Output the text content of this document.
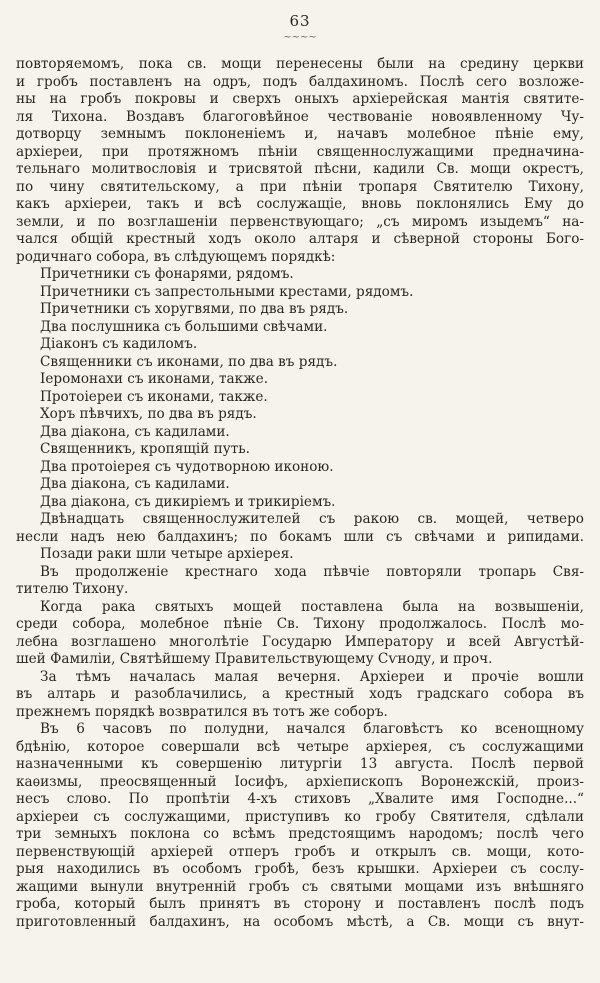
63
~~~~
повторяемомъ, пока св. мощи перенесены были на средину церкви
и гробъ поставленъ на одръ, подъ балдахиномъ. Послѣ сего возложе-
ны на гробъ покровы и сверхъ оныхъ архіерейская мантія святите-
ля Тихона. Воздавъ благоговѣйное чествованіе новоявленному Чу-
дотворцу земнымъ поклоненіемъ и, начавъ молебное пѣніе ему,
архіереи, при протяжномъ пѣніи священнослужащими предначина-
тельнаго молитвословія и трисвятой пѣсни, кадили Св. мощи окрестъ,
по чину святительскому, а при пѣніи тропаря Святителю Тихону,
какъ архіереи, такъ и всѣ сослужащіе, вновь поклонялись Ему до
земли, и по возглашеніи первенствующаго; „съ миромъ изыдемъ“ на-
чался общій крестный ходъ около алтаря и сѣверной стороны Бого-
родичнаго собора, въ слѣдующемъ порядкѣ:
Причетники съ фонарями, рядомъ.
Причетники съ запрестольными крестами, рядомъ.
Причетники съ хоругвями, по два въ рядъ.
Два послушника съ большими свѣчами.
Діаконъ съ кадиломъ.
Священники съ иконами, по два въ рядъ.
Іеромонахи съ иконами, также.
Протоіереи съ иконами, также.
Хоръ пѣвчихъ, по два въ рядъ.
Два діакона, съ кадилами.
Священникъ, кропящій путь.
Два протоіерея съ чудотворною иконою.
Два діакона, съ кадилами.
Два діакона, съ дикиріемъ и трикиріемъ.
Двѣнадцать священнослужителей съ ракою св. мощей, четверо
несли надъ нею балдахинъ; по бокамъ шли съ свѣчами и рипидами.
Позади раки шли четыре архіерея.
Въ продолженіе крестнаго хода пѣвчіе повторяли тропарь Свя-
тителю Тихону.
Когда рака святыхъ мощей поставлена была на возвышеніи,
среди собора, молебное пѣніе Св. Тихону продолжалось. Послѣ мо-
лебна возглашено многолѣтіе Государю Императору и всей Августѣй-
шей Фамиліи, Святѣйшему Правительствующему Сѵноду, и проч.
За тѣмъ началась малая вечерня. Архіереи и прочіе вошли
въ алтарь и разоблачились, а крестный ходъ градскаго собора въ
прежнемъ порядкѣ возвратился въ тотъ же соборъ.
Въ 6 часовъ по полудни, начался благовѣстъ ко всенощному
бдѣнію, которое совершали всѣ четыре архіерея, съ сослужащими
назначенными къ совершенію литургіи 13 августа. Послѣ первой
каѳизмы, преосвященный Іосифъ, архіепископъ Воронежскій, произ-
несъ слово. По пропѣтіи 4-хъ стиховъ „Хвалите имя Господне...“
архіереи съ сослужащими, приступивъ ко гробу Святителя, сдѣлали
три земныхъ поклона со всѣмъ предстоящимъ народомъ; послѣ чего
первенствующій архіерей отперъ гробъ и открылъ св. мощи, кото-
рыя находились въ особомъ гробѣ, безъ крышки. Архіереи съ сослу-
жащими вынули внутренній гробъ съ святыми мощами изъ внѣшняго
гроба, который былъ принятъ въ сторону и поставленъ послѣ подъ
приготовленный балдахинъ, на особомъ мѣстѣ, а Св. мощи съ внут-
